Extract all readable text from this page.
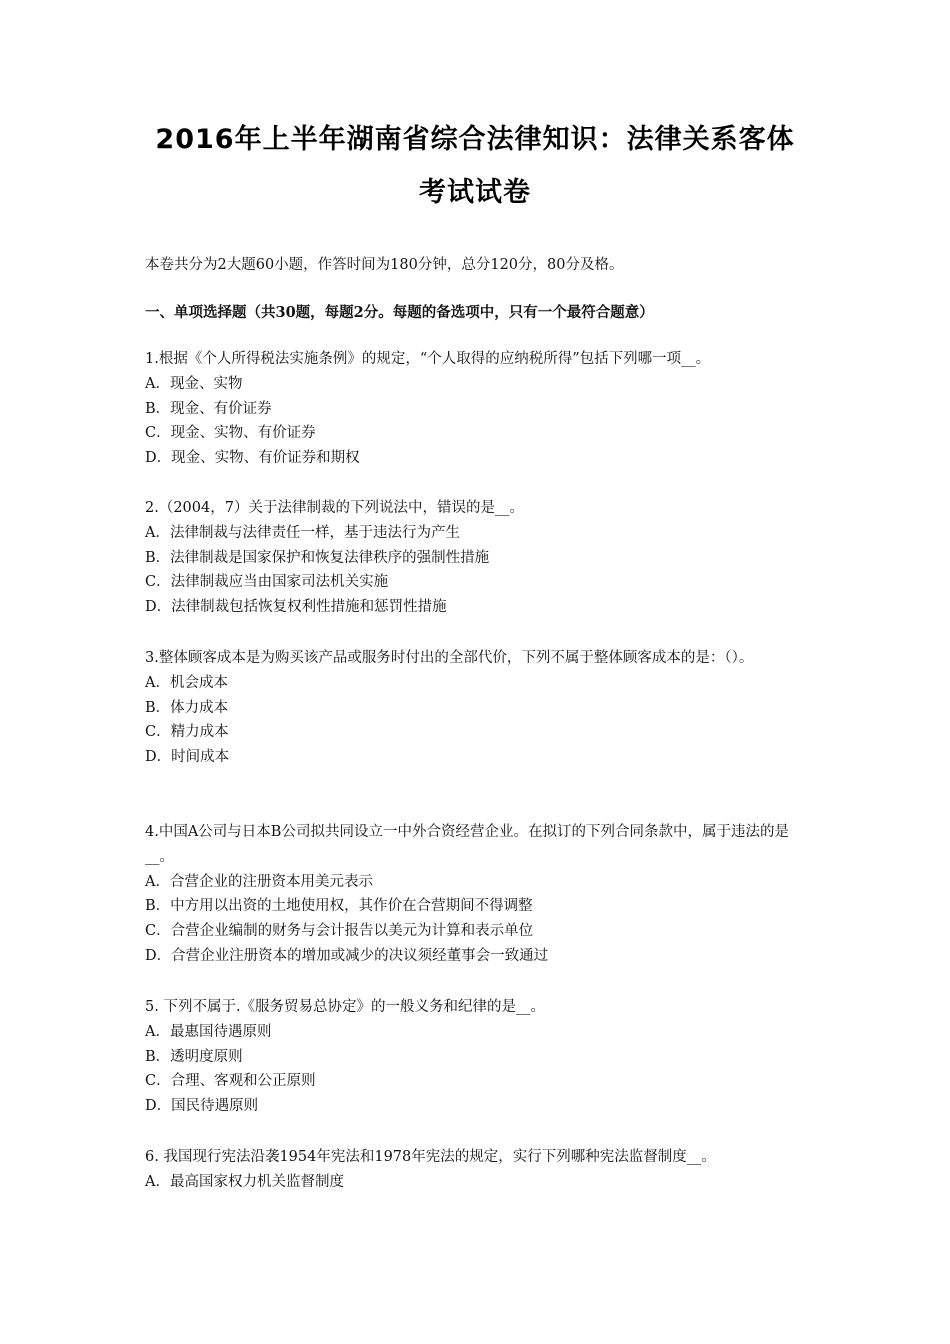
2016年上半年湖南省综合法律知识：法律关系客体
考试试卷
本卷共分为2大题60小题，作答时间为180分钟，总分120分，80分及格。
一、单项选择题（共30题，每题2分。每题的备选项中，只有一个最符合题意）

1.根据《个人所得税法实施条例》的规定，“个人取得的应纳税所得”包括下列哪一项__。

A．现金、实物

B．现金、有价证券

C．现金、实物、有价证券

D．现金、实物、有价证券和期权

2.（2004，7）关于法律制裁的下列说法中，错误的是__。

A．法律制裁与法律责任一样，基于违法行为产生

B．法律制裁是国家保护和恢复法律秩序的强制性措施

C．法律制裁应当由国家司法机关实施

D．法律制裁包括恢复权利性措施和惩罚性措施

3.整体顾客成本是为购买该产品或服务时付出的全部代价，下列不属于整体顾客成本的是：（）。

A．机会成本

B．体力成本

C．精力成本

D．时间成本

4.中国A公司与日本B公司拟共同设立一中外合资经营企业。在拟订的下列合同条款中，属于违法的是__。

A．合营企业的注册资本用美元表示

B．中方用以出资的土地使用权，其作价在合营期间不得调整

C．合营企业编制的财务与会计报告以美元为计算和表示单位

D．合营企业注册资本的增加或减少的决议须经董事会一致通过

5. 下列不属于.《服务贸易总协定》的一般义务和纪律的是__。

A．最惠国待遇原则

B．透明度原则

C．合理、客观和公正原则

D．国民待遇原则

6. 我国现行宪法沿袭1954年宪法和1978年宪法的规定，实行下列哪种宪法监督制度__。

A．最高国家权力机关监督制度
